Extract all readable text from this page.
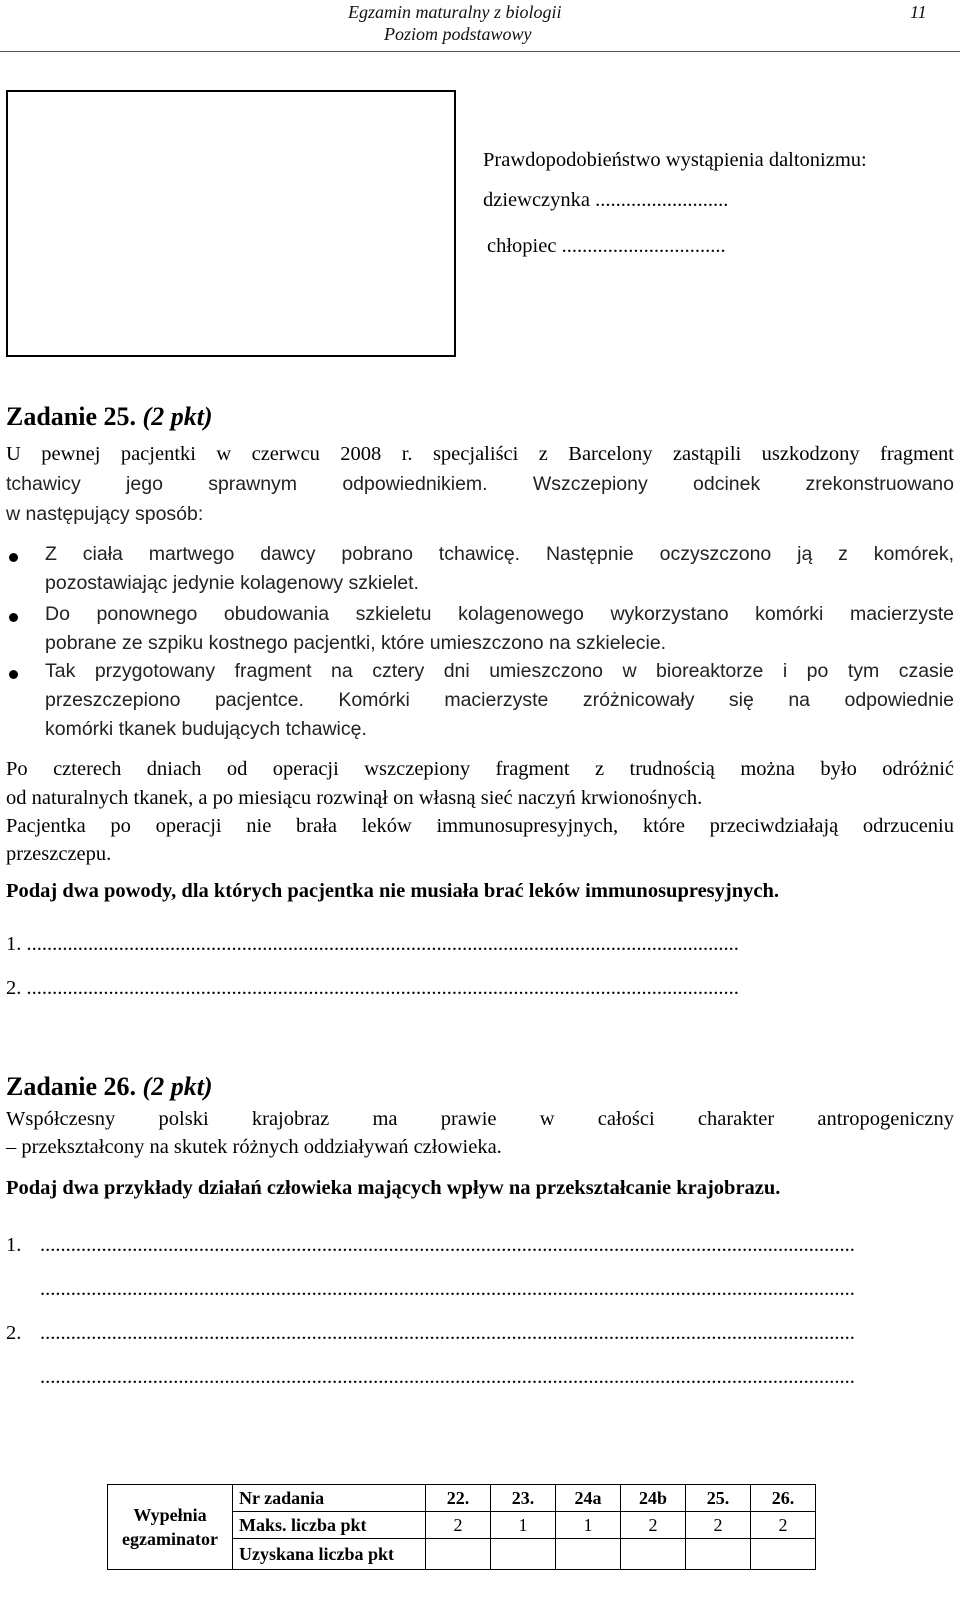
Egzamin maturalny z biologii
Poziom podstawowy
11
Prawdopodobieństwo wystąpienia daltonizmu:
dziewczynka ..........................
chłopiec ................................
Zadanie 25. (2 pkt)
U pewnej pacjentki w czerwcu 2008 r. specjaliści z Barcelony zastąpili uszkodzony fragment
tchawicy jego sprawnym odpowiednikiem. Wszczepiony odcinek zrekonstruowano
w następujący sposób:
Z ciała martwego dawcy pobrano tchawicę. Następnie oczyszczono ją z komórek,
pozostawiając jedynie kolagenowy szkielet.
Do ponownego obudowania szkieletu kolagenowego wykorzystano komórki macierzyste
pobrane ze szpiku kostnego pacjentki, które umieszczono na szkielecie.
Tak przygotowany fragment na cztery dni umieszczono w bioreaktorze i po tym czasie
przeszczepiono pacjentce. Komórki macierzyste zróżnicowały się na odpowiednie
komórki tkanek budujących tchawicę.
Po czterech dniach od operacji wszczepiony fragment z trudnością można było odróżnić
od naturalnych tkanek, a po miesiącu rozwinął on własną sieć naczyń krwionośnych.
Pacjentka po operacji nie brała leków immunosupresyjnych, które przeciwdziałają odrzuceniu
przeszczepu.
Podaj dwa powody, dla których pacjentka nie musiała brać leków immunosupresyjnych.
1. ...........................................................................................................................................
2. ...........................................................................................................................................
Zadanie 26. (2 pkt)
Współczesny polski krajobraz ma prawie w całości charakter antropogeniczny
– przekształcony na skutek różnych oddziaływań człowieka.
Podaj dwa przykłady działań człowieka mających wpływ na przekształcanie krajobrazu.
1. ...............................................................................................................................................................
...............................................................................................................................................................
2. ...............................................................................................................................................................
...............................................................................................................................................................
Wypełnia
egzaminator	Nr zadania	22.	23.	24a	24b	25.	26.
	Maks. liczba pkt	2	1	1	2	2	2
	Uzyskana liczba pkt						
